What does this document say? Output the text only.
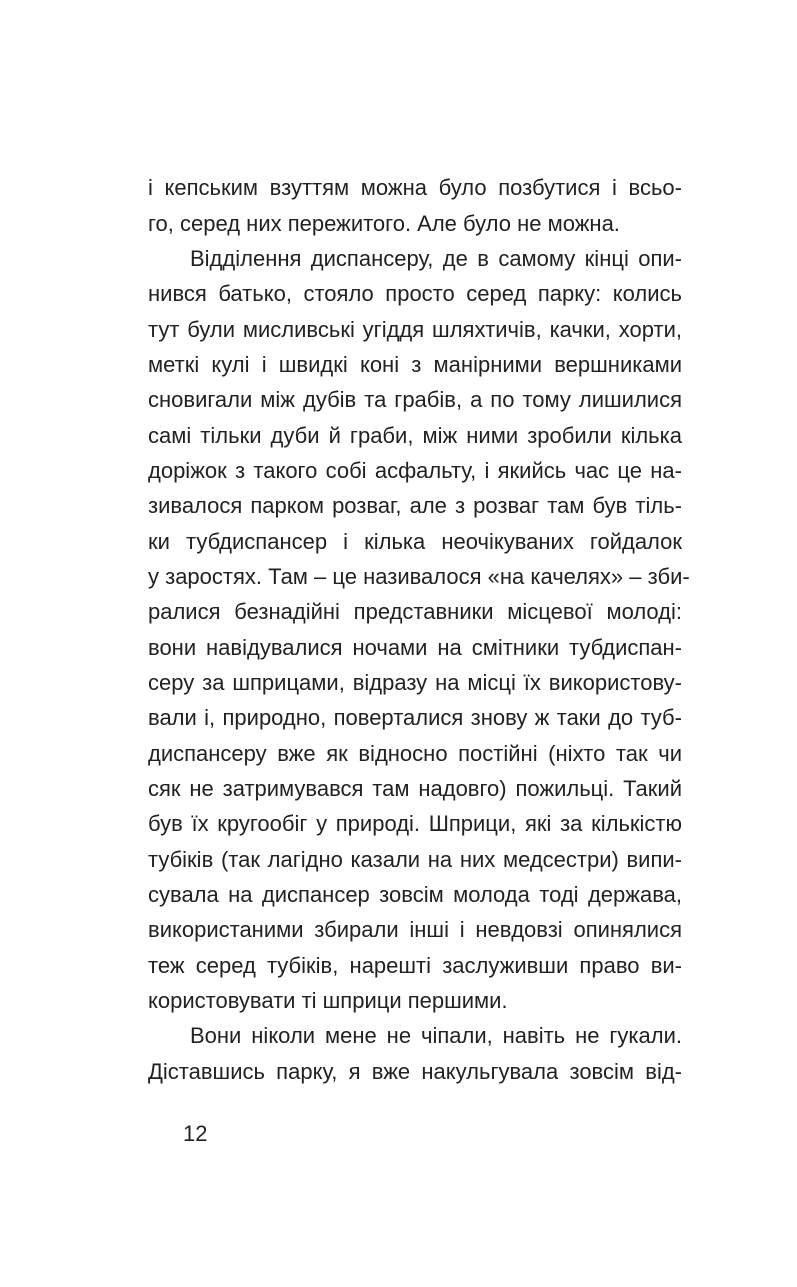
і кепським взуттям можна було позбутися і всьо-
го, серед них пережитого. Але було не можна.
Відділення диспансеру, де в самому кінці опи-
нився батько, стояло просто серед парку: колись
тут були мисливські угіддя шляхтичів, качки, хорти,
меткі кулі і швидкі коні з манірними вершниками
сновигали між дубів та грабів, а по тому лишилися
самі тільки дуби й граби, між ними зробили кілька
доріжок з такого собі асфальту, і якийсь час це на-
зивалося парком розваг, але з розваг там був тіль-
ки тубдиспансер і кілька неочікуваних гойдалок
у заростях. Там – це називалося «на качелях» – зби-
ралися безнадійні представники місцевої молоді:
вони навідувалися ночами на смітники тубдиспан-
серу за шприцами, відразу на місці їх використову-
вали і, природно, поверталися знову ж таки до туб-
диспансеру вже як відносно постійні (ніхто так чи
сяк не затримувався там надовго) пожильці. Такий
був їх кругообіг у природі. Шприци, які за кількістю
тубіків (так лагідно казали на них медсестри) випи-
сувала на диспансер зовсім молода тоді держава,
використаними збирали інші і невдовзі опинялися
теж серед тубіків, нарешті заслуживши право ви-
користовувати ті шприци першими.
Вони ніколи мене не чіпали, навіть не гукали.
Діставшись парку, я вже накульгувала зовсім від-
12
